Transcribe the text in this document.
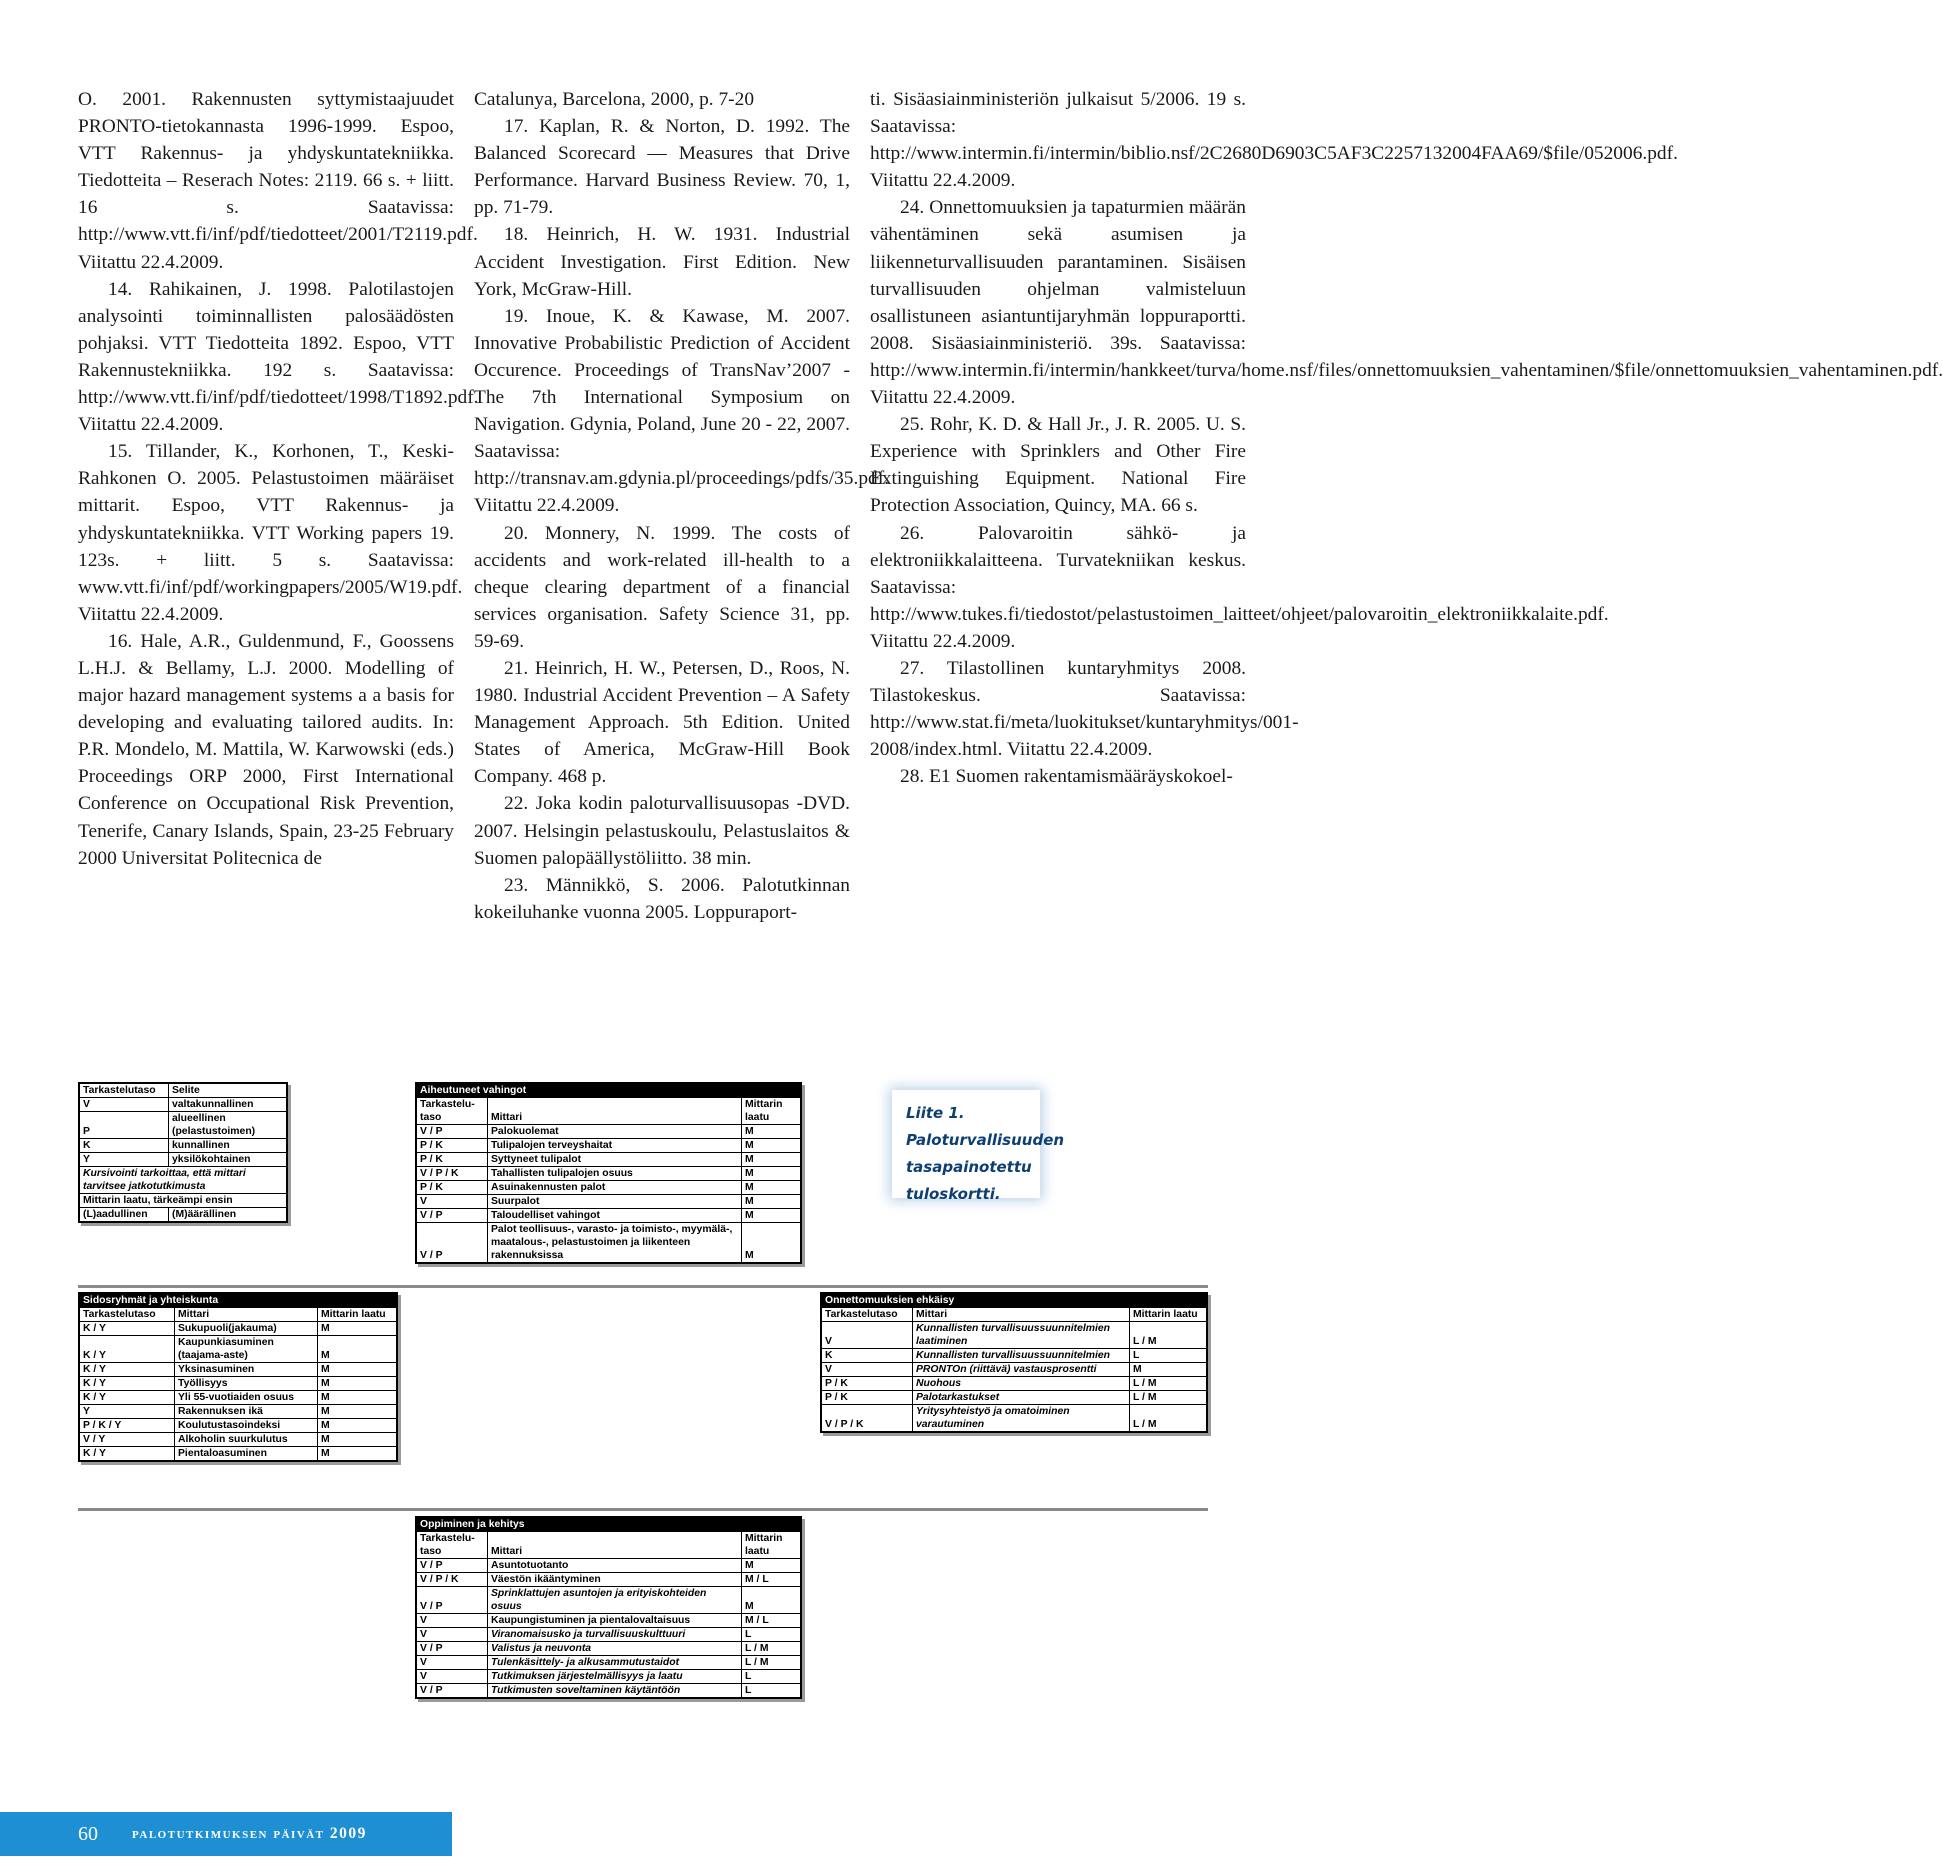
O. 2001. Rakennusten syttymistaajuudet PRONTO-tietokannasta 1996-1999. Espoo, VTT Rakennus- ja yhdyskuntatekniikka. Tiedotteita – Reserach Notes: 2119. 66 s. + liitt. 16 s. Saatavissa: http://www.vtt.fi/inf/pdf/tiedotteet/2001/T2119.pdf. Viitattu 22.4.2009.

14. Rahikainen, J. 1998. Palotilastojen analysointi toiminnallisten palosäädösten pohjaksi. VTT Tiedotteita 1892. Espoo, VTT Rakennustekniikka. 192 s. Saatavissa: http://www.vtt.fi/inf/pdf/tiedotteet/1998/T1892.pdf. Viitattu 22.4.2009.

15. Tillander, K., Korhonen, T., Keski-Rahkonen O. 2005. Pelastustoimen määräiset mittarit. Espoo, VTT Rakennus- ja yhdyskuntatekniikka. VTT Working papers 19. 123s. + liitt. 5 s. Saatavissa: www.vtt.fi/inf/pdf/workingpapers/2005/W19.pdf. Viitattu 22.4.2009.

16. Hale, A.R., Guldenmund, F., Goossens L.H.J. & Bellamy, L.J. 2000. Modelling of major hazard management systems a a basis for developing and evaluating tailored audits. In: P.R. Mondelo, M. Mattila, W. Karwowski (eds.) Proceedings ORP 2000, First International Conference on Occupational Risk Prevention, Tenerife, Canary Islands, Spain, 23-25 February 2000 Universitat Politecnica de

Catalunya, Barcelona, 2000, p. 7-20

17. Kaplan, R. & Norton, D. 1992. The Balanced Scorecard — Measures that Drive Performance. Harvard Business Review. 70, 1, pp. 71-79.

18. Heinrich, H. W. 1931. Industrial Accident Investigation. First Edition. New York, McGraw-Hill.

19. Inoue, K. & Kawase, M. 2007. Innovative Probabilistic Prediction of Accident Occurence. Proceedings of TransNav’2007 - The 7th International Symposium on Navigation. Gdynia, Poland, June 20 - 22, 2007. Saatavissa: http://transnav.am.gdynia.pl/proceedings/pdfs/35.pdf. Viitattu 22.4.2009.

20. Monnery, N. 1999. The costs of accidents and work-related ill-health to a cheque clearing department of a financial services organisation. Safety Science 31, pp. 59-69.

21. Heinrich, H. W., Petersen, D., Roos, N. 1980. Industrial Accident Prevention – A Safety Management Approach. 5th Edition. United States of America, McGraw-Hill Book Company. 468 p.

22. Joka kodin paloturvallisuusopas -DVD. 2007. Helsingin pelastuskoulu, Pelastuslaitos & Suomen palopäällystöliitto. 38 min.

23. Männikkö, S. 2006. Palotutkinnan kokeiluhanke vuonna 2005. Loppuraport-

ti. Sisäasiainministeriön julkaisut 5/2006. 19 s. Saatavissa: http://www.intermin.fi/intermin/biblio.nsf/2C2680D6903C5AF3C2257132004FAA69/$file/052006.pdf. Viitattu 22.4.2009.

24. Onnettomuuksien ja tapaturmien määrän vähentäminen sekä asumisen ja liikenneturvallisuuden parantaminen. Sisäisen turvallisuuden ohjelman valmisteluun osallistuneen asiantuntijaryhmän loppuraportti. 2008. Sisäasiainministeriö. 39s. Saatavissa: http://www.intermin.fi/intermin/hankkeet/turva/home.nsf/files/onnettomuuksien_vahentaminen/$file/onnettomuuksien_vahentaminen.pdf. Viitattu 22.4.2009.

25. Rohr, K. D. & Hall Jr., J. R. 2005. U. S. Experience with Sprinklers and Other Fire Extinguishing Equipment. National Fire Protection Association, Quincy, MA. 66 s.

26. Palovaroitin sähkö- ja elektroniikkalaitteena. Turvatekniikan keskus. Saatavissa: http://www.tukes.fi/tiedostot/pelastustoimen_laitteet/ohjeet/palovaroitin_elektroniikkalaite.pdf. Viitattu 22.4.2009.

27. Tilastollinen kuntaryhmitys 2008. Tilastokeskus. Saatavissa: http://www.stat.fi/meta/luokitukset/kuntaryhmitys/001-2008/index.html. Viitattu 22.4.2009.

28. E1 Suomen rakentamismääräyskokoel-

Tarkastelutaso	Selite
V	valtakunnallinen
P	alueellinen (pelastustoimen)
K	kunnallinen
Y	yksilökohtainen
Kursivointi tarkoittaa, että mittari tarvitsee jatkotutkimusta	
Mittarin laatu, tärkeämpi ensin	
(L)aadullinen	(M)äärällinen
Aiheutuneet vahingot		
Tarkastelu-taso	Mittari	Mittarin laatu
V / P	Palokuolemat	M
P / K	Tulipalojen terveyshaitat	M
P / K	Syttyneet tulipalot	M
V / P / K	Tahallisten tulipalojen osuus	M
P / K	Asuinakennusten palot	M
V	Suurpalot	M
V / P	Taloudelliset vahingot	M
V / P	Palot teollisuus-, varasto- ja toimisto-, myymälä-, maatalous-, pelastustoimen ja liikenteen rakennuksissa	M
Liite 1. Paloturvallisuuden tasapainotettu tuloskortti.
Sidosryhmät ja yhteiskunta		
Tarkastelutaso	Mittari	Mittarin laatu
K / Y	Sukupuoli(jakauma)	M
K / Y	Kaupunkiasuminen (taajama-aste)	M
K / Y	Yksinasuminen	M
K / Y	Työllisyys	M
K / Y	Yli 55-vuotiaiden osuus	M
Y	Rakennuksen ikä	M
P / K / Y	Koulutustasoindeksi	M
V / Y	Alkoholin suurkulutus	M
K / Y	Pientaloasuminen	M
Onnettomuuksien ehkäisy		
Tarkastelutaso	Mittari	Mittarin laatu
V	Kunnallisten turvallisuussuunnitelmien laatiminen	L / M
K	Kunnallisten turvallisuussuunnitelmien	L
V	PRONTOn (riittävä) vastausprosentti	M
P / K	Nuohous	L / M
P / K	Palotarkastukset	L / M
V / P / K	Yritysyhteistyö ja omatoiminen varautuminen	L / M
Oppiminen ja kehitys		
Tarkastelu-taso	Mittari	Mittarin laatu
V / P	Asuntotuotanto	M
V / P / K	Väestön ikääntyminen	M / L
V / P	Sprinklattujen asuntojen ja erityiskohteiden osuus	M
V	Kaupungistuminen ja pientalovaltaisuus	M / L
V	Viranomaisusko ja turvallisuuskulttuuri	L
V / P	Valistus ja neuvonta	L / M
V	Tulenkäsittely- ja alkusammutustaidot	L / M
V	Tutkimuksen järjestelmällisyys ja laatu	L
V / P	Tutkimusten soveltaminen käytäntöön	L
60 palotutkimuksen päivät 2009
